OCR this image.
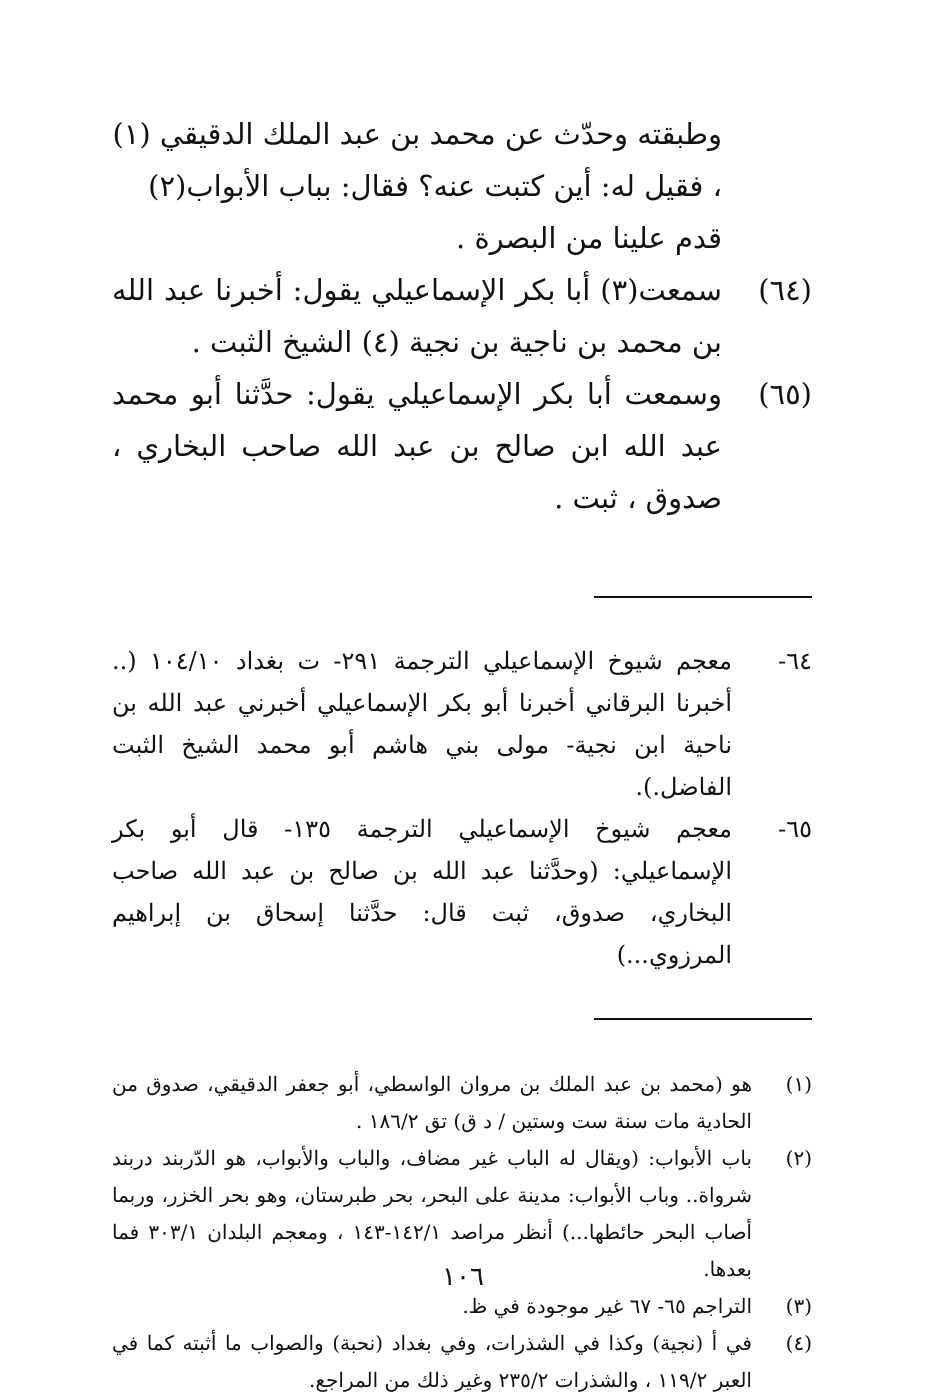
وطبقته وحدّث عن محمد بن عبد الملك الدقيقي (١) ، فقيل له: أين كتبت عنه؟ فقال: بباب الأبواب(٢) قدم علينا من البصرة .
(٦٤)
سمعت(٣) أبا بكر الإسماعيلي يقول: أخبرنا عبد الله بن محمد بن ناجية بن نجية (٤) الشيخ الثبت .
(٦٥)
وسمعت أبا بكر الإسماعيلي يقول: حدَّثنا أبو محمد عبد الله ابن صالح بن عبد الله صاحب البخاري ، صدوق ، ثبت .
٦٤-
معجم شيوخ الإسماعيلي الترجمة ٢٩١- ت بغداد ١٠٤/١٠ (.. أخبرنا البرقاني أخبرنا أبو بكر الإسماعيلي أخبرني عبد الله بن ناحية ابن نجية- مولى بني هاشم أبو محمد الشيخ الثبت الفاضل.).
٦٥-
معجم شيوخ الإسماعيلي الترجمة ١٣٥- قال أبو بكر الإسماعيلي: (وحدَّثنا عبد الله بن صالح بن عبد الله صاحب البخاري، صدوق، ثبت قال: حدَّثنا إسحاق بن إبراهيم المرزوي...)
(١)
هو (محمد بن عبد الملك بن مروان الواسطي، أبو جعفر الدقيقي، صدوق من الحادية مات سنة ست وستين / د ق) تق ١٨٦/٢ .
(٢)
باب الأبواب: (ويقال له الباب غير مضاف، والباب والأبواب، هو الدّربند دربند شرواة.. وباب الأبواب: مدينة على البحر، بحر طبرستان، وهو بحر الخزر، وربما أصاب البحر حائطها...) أنظر مراصد ١٤٢/١-١٤٣ ، ومعجم البلدان ٣٠٣/١ فما بعدها.
(٣)
التراجم ٦٥- ٦٧ غير موجودة في ظ.
(٤)
في أ (نجية) وكذا في الشذرات، وفي بغداد (نحبة) والصواب ما أثبته كما في العبر ١١٩/٢ ، والشذرات ٢٣٥/٢ وغير ذلك من المراجع.
١٠٦
